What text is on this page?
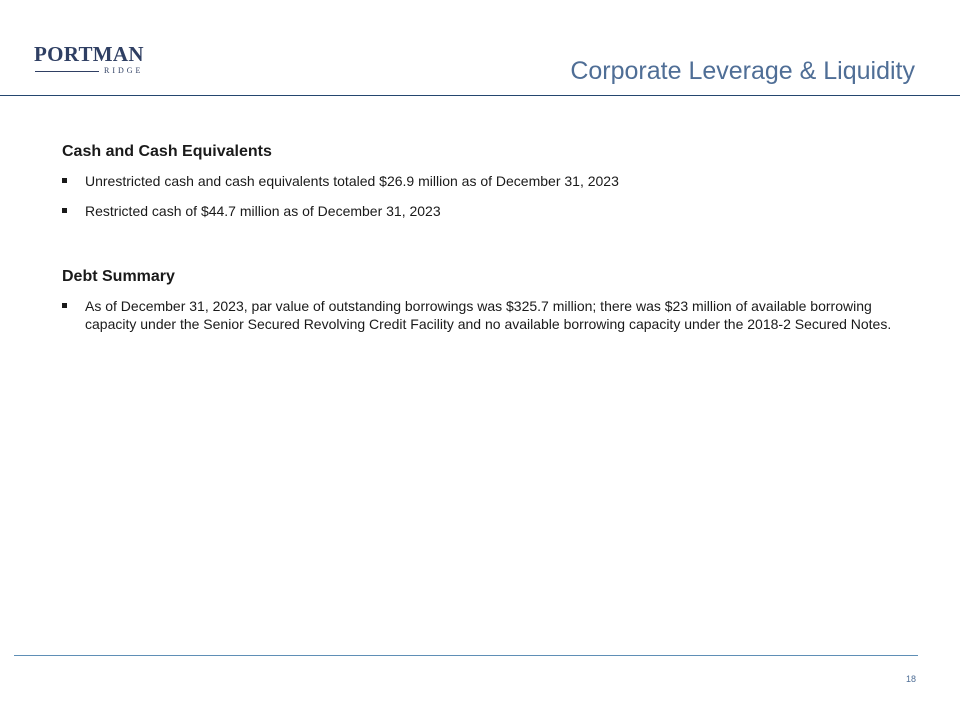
PORTMAN
RIDGE	Corporate Leverage & Liquidity
Cash and Cash Equivalents
Unrestricted cash and cash equivalents totaled $26.9 million as of December 31, 2023
Restricted cash of $44.7 million as of December 31, 2023
Debt Summary
As of December 31, 2023, par value of outstanding borrowings was $325.7 million; there was $23 million of available borrowing capacity under the Senior Secured Revolving Credit Facility and no available borrowing capacity under the 2018-2 Secured Notes.
18
